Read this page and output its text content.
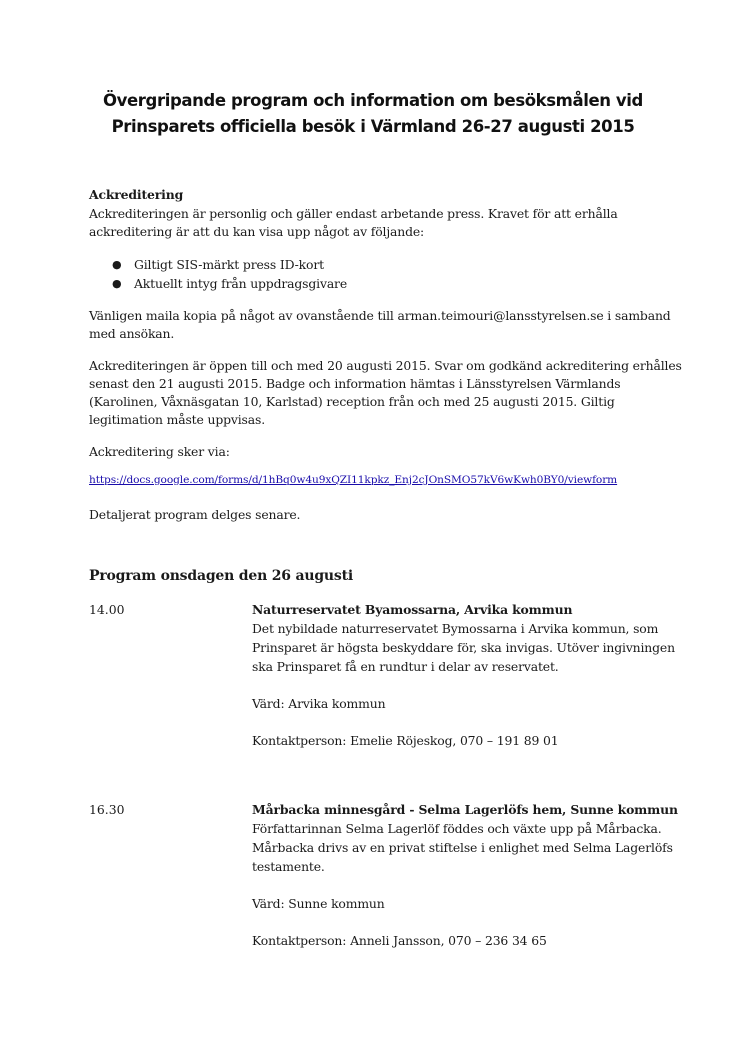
Övergripande program och information om besöksmålen vid
Prinsparets officiella besök i Värmland 26-27 augusti 2015
Ackreditering
Ackrediteringen är personlig och gäller endast arbetande press. Kravet för att erhålla
ackreditering är att du kan visa upp något av följande:
● Giltigt SIS-märkt press ID-kort
● Aktuellt intyg från uppdragsgivare
Vänligen maila kopia på något av ovanstående till arman.teimouri@lansstyrelsen.se i samband
med ansökan.
Ackrediteringen är öppen till och med 20 augusti 2015. Svar om godkänd ackreditering erhålles
senast den 21 augusti 2015. Badge och information hämtas i Länsstyrelsen Värmlands
(Karolinen, Våxnäsgatan 10, Karlstad) reception från och med 25 augusti 2015. Giltig
legitimation måste uppvisas.
Ackreditering sker via:
https://docs.google.com/forms/d/1hBq0w4u9xQZI11kpkz_Enj2cJOnSMO57kV6wKwh0BY0/viewform
Detaljerat program delges senare.
Program onsdagen den 26 augusti
14.00	Naturreservatet Byamossarna, Arvika kommun
Det nybildade naturreservatet Bymossarna i Arvika kommun, som
Prinsparet är högsta beskyddare för, ska invigas. Utöver ingivningen
ska Prinsparet få en rundtur i delar av reservatet.
Värd: Arvika kommun
Kontaktperson: Emelie Röjeskog, 070 – 191 89 01
16.30	Mårbacka minnesgård - Selma Lagerlöfs hem, Sunne kommun
Författarinnan Selma Lagerlöf föddes och växte upp på Mårbacka.
Mårbacka drivs av en privat stiftelse i enlighet med Selma Lagerlöfs
testamente.
Värd: Sunne kommun
Kontaktperson: Anneli Jansson, 070 – 236 34 65
